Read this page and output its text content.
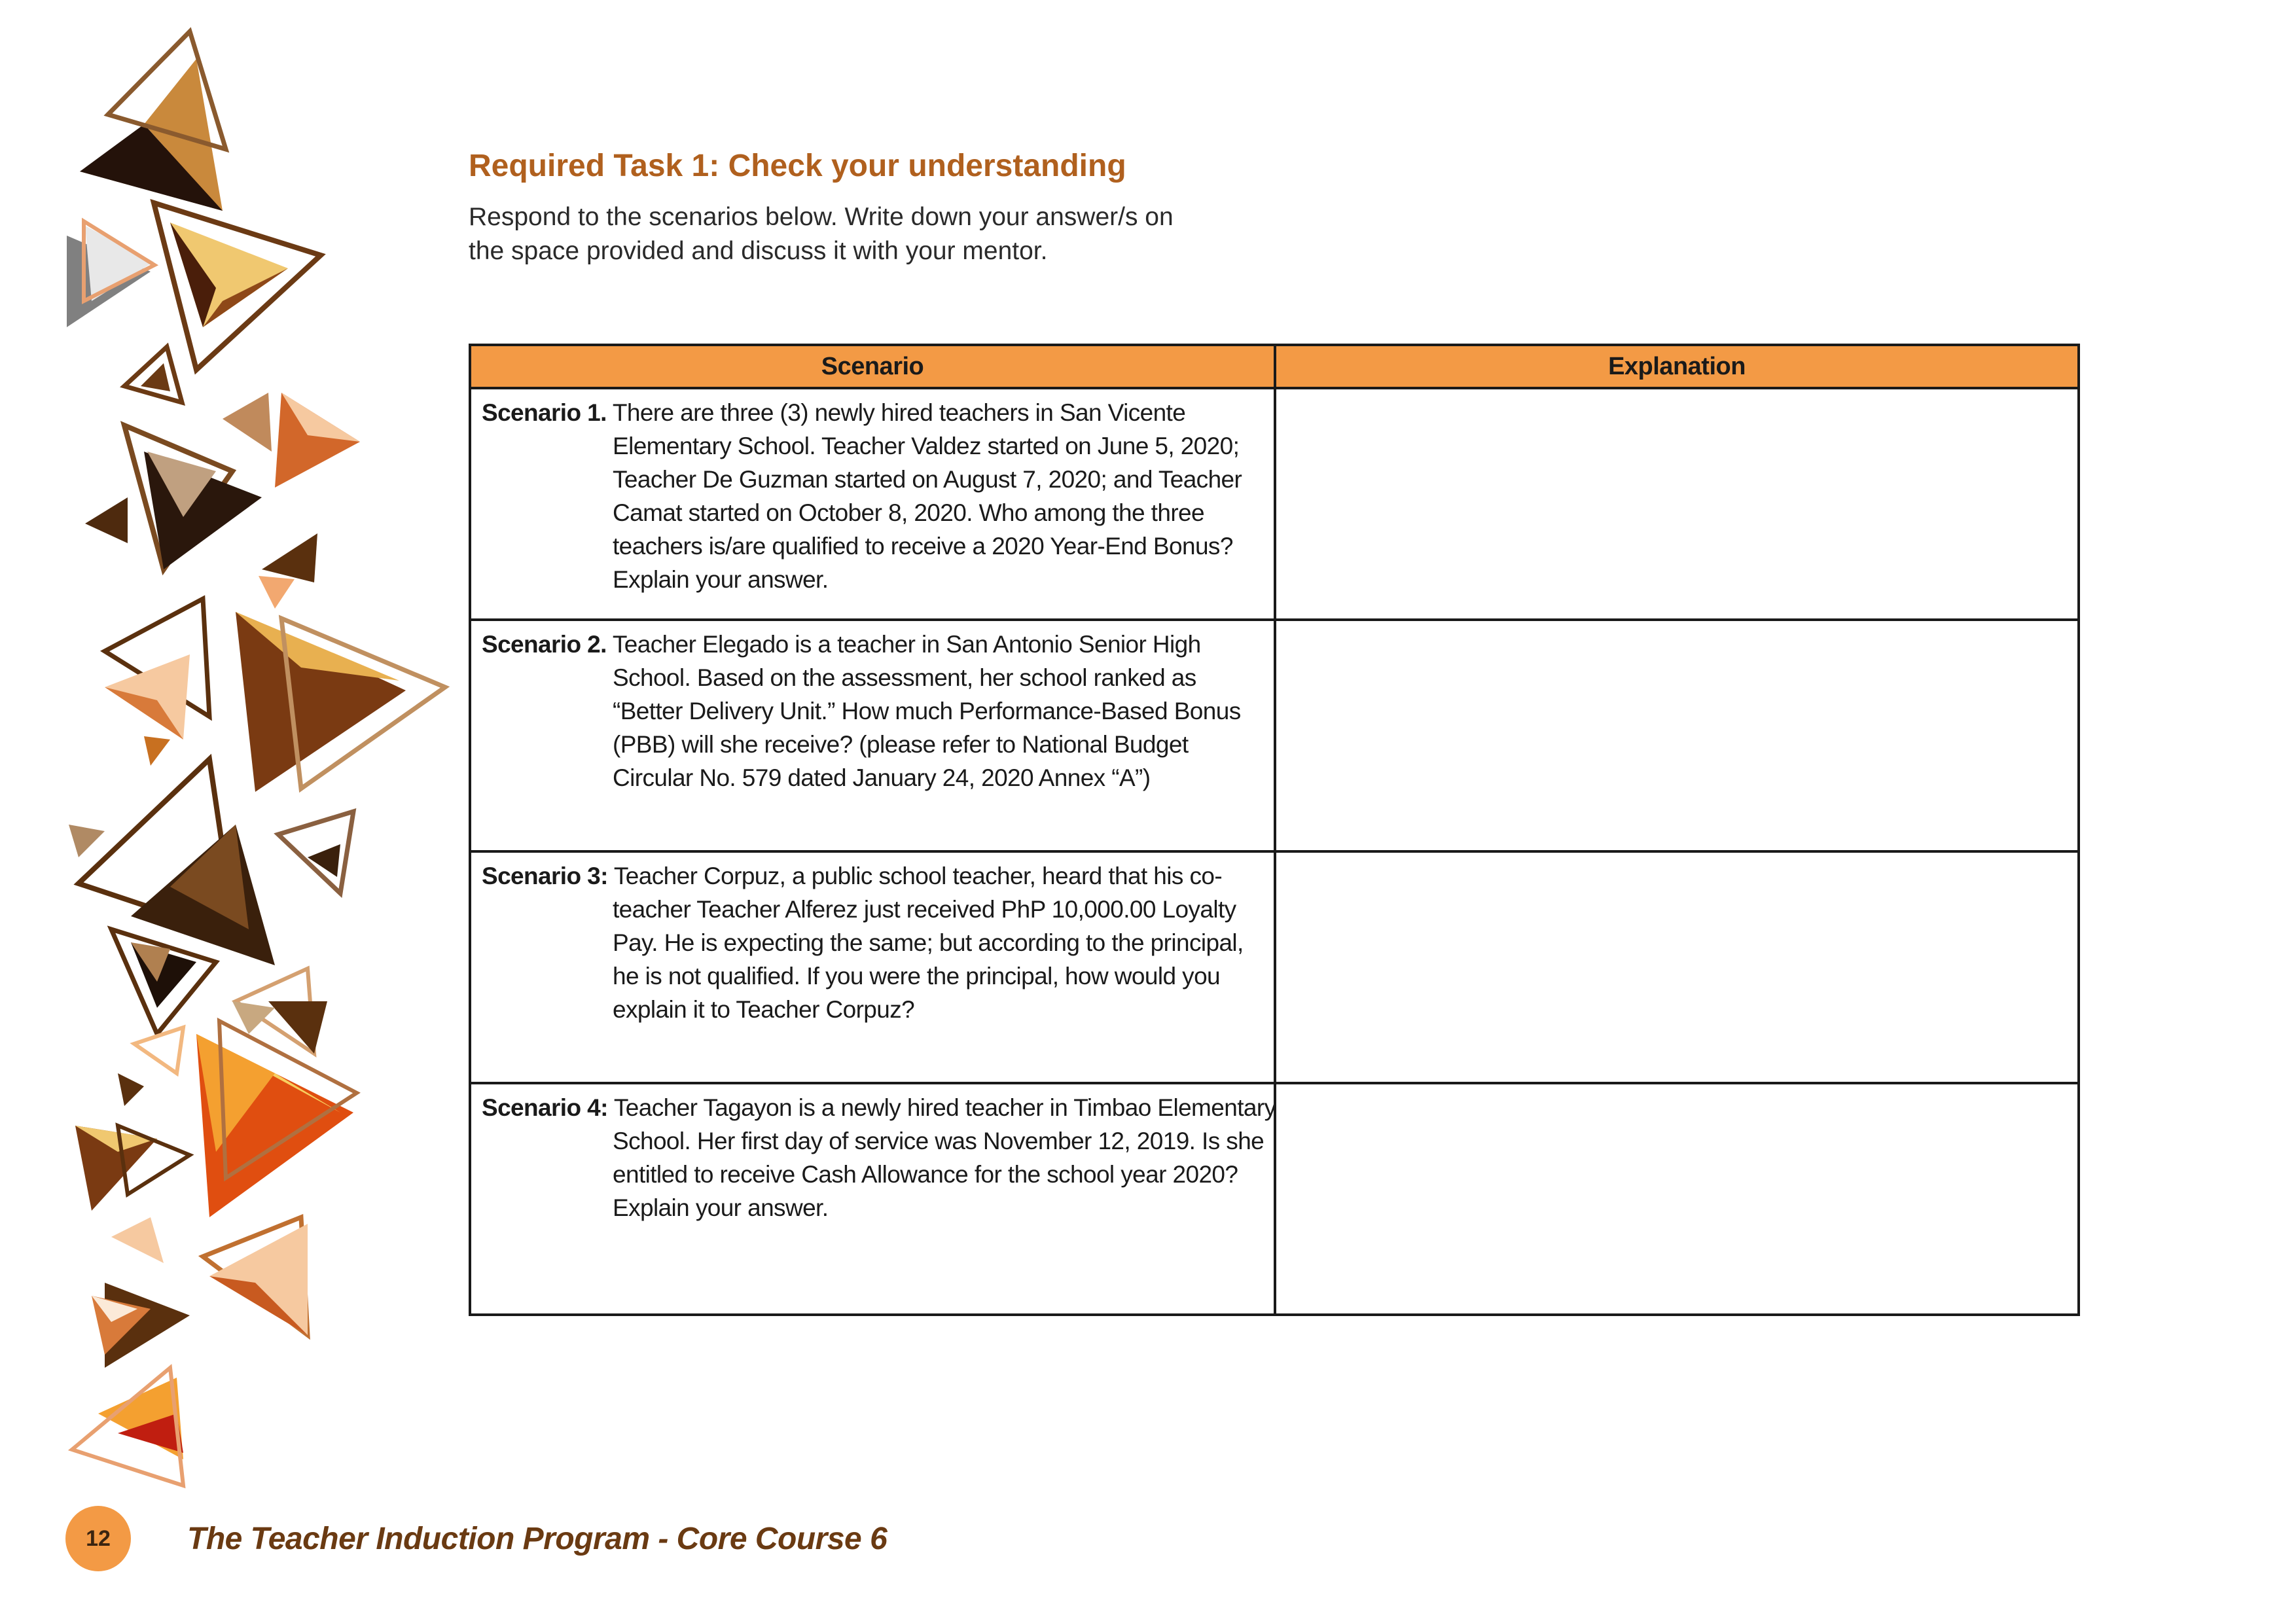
Required Task 1: Check your understanding
Respond to the scenarios below. Write down your answer/s on
the space provided and discuss it with your mentor.
Scenario	Explanation

Scenario 1. There are three (3) newly hired teachers in San Vicente
Elementary School. Teacher Valdez started on June 5, 2020; Teacher De Guzman started on August 7, 2020; and Teacher Camat started on October 8, 2020. Who among the three teachers is/are qualified to receive a 2020 Year-End Bonus? Explain your answer.	

Scenario 2. Teacher Elegado is a teacher in San Antonio Senior High
School. Based on the assessment, her school ranked as “Better Delivery Unit.” How much Performance-Based Bonus (PBB) will she receive? (please refer to National Budget Circular No. 579 dated January 24, 2020 Annex “A”)	

Scenario 3: Teacher Corpuz, a public school teacher, heard that his co-
teacher Teacher Alferez just received PhP 10,000.00 Loyalty Pay. He is expecting the same; but according to the principal, he is not qualified. If you were the principal, how would you explain it to Teacher Corpuz?	

Scenario 4: Teacher Tagayon is a newly hired teacher in Timbao Elementary
School. Her first day of service was November 12, 2019. Is she entitled to receive Cash Allowance for the school year 2020? Explain your answer.	

12	The Teacher Induction Program - Core Course 6
